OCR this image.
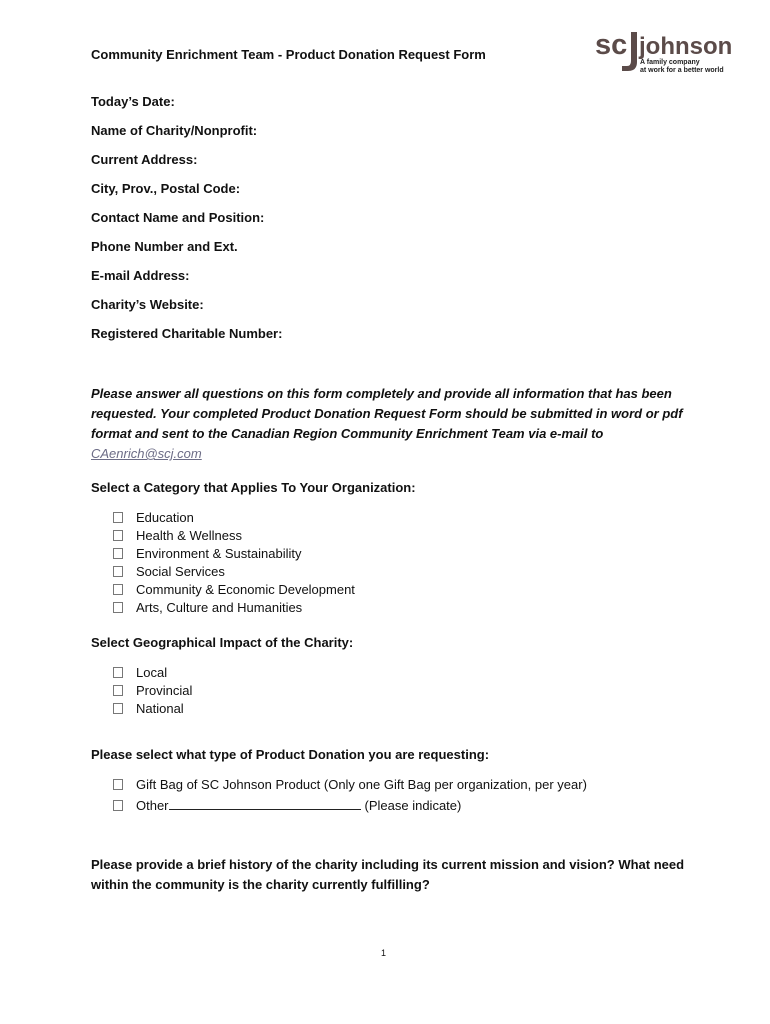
Community Enrichment Team - Product Donation Request Form	sc johnson
A family company
at work for a better world
Today’s Date:
Name of Charity/Nonprofit:
Current Address:
City, Prov., Postal Code:
Contact Name and Position:
Phone Number and Ext.
E-mail Address:
Charity’s Website:
Registered Charitable Number:
Please answer all questions on this form completely and provide all information that has been requested. Your completed Product Donation Request Form should be submitted in word or pdf format and sent to the Canadian Region Community Enrichment Team via e-mail to CAenrich@scj.com
Select a Category that Applies To Your Organization:
Education
Health & Wellness
Environment & Sustainability
Social Services
Community & Economic Development
Arts, Culture and Humanities
Select Geographical Impact of the Charity:
Local
Provincial
National
Please select what type of Product Donation you are requesting:
Gift Bag of SC Johnson Product (Only one Gift Bag per organization, per year)
Other	(Please indicate)
Please provide a brief history of the charity including its current mission and vision? What need within the community is the charity currently fulfilling?
1
